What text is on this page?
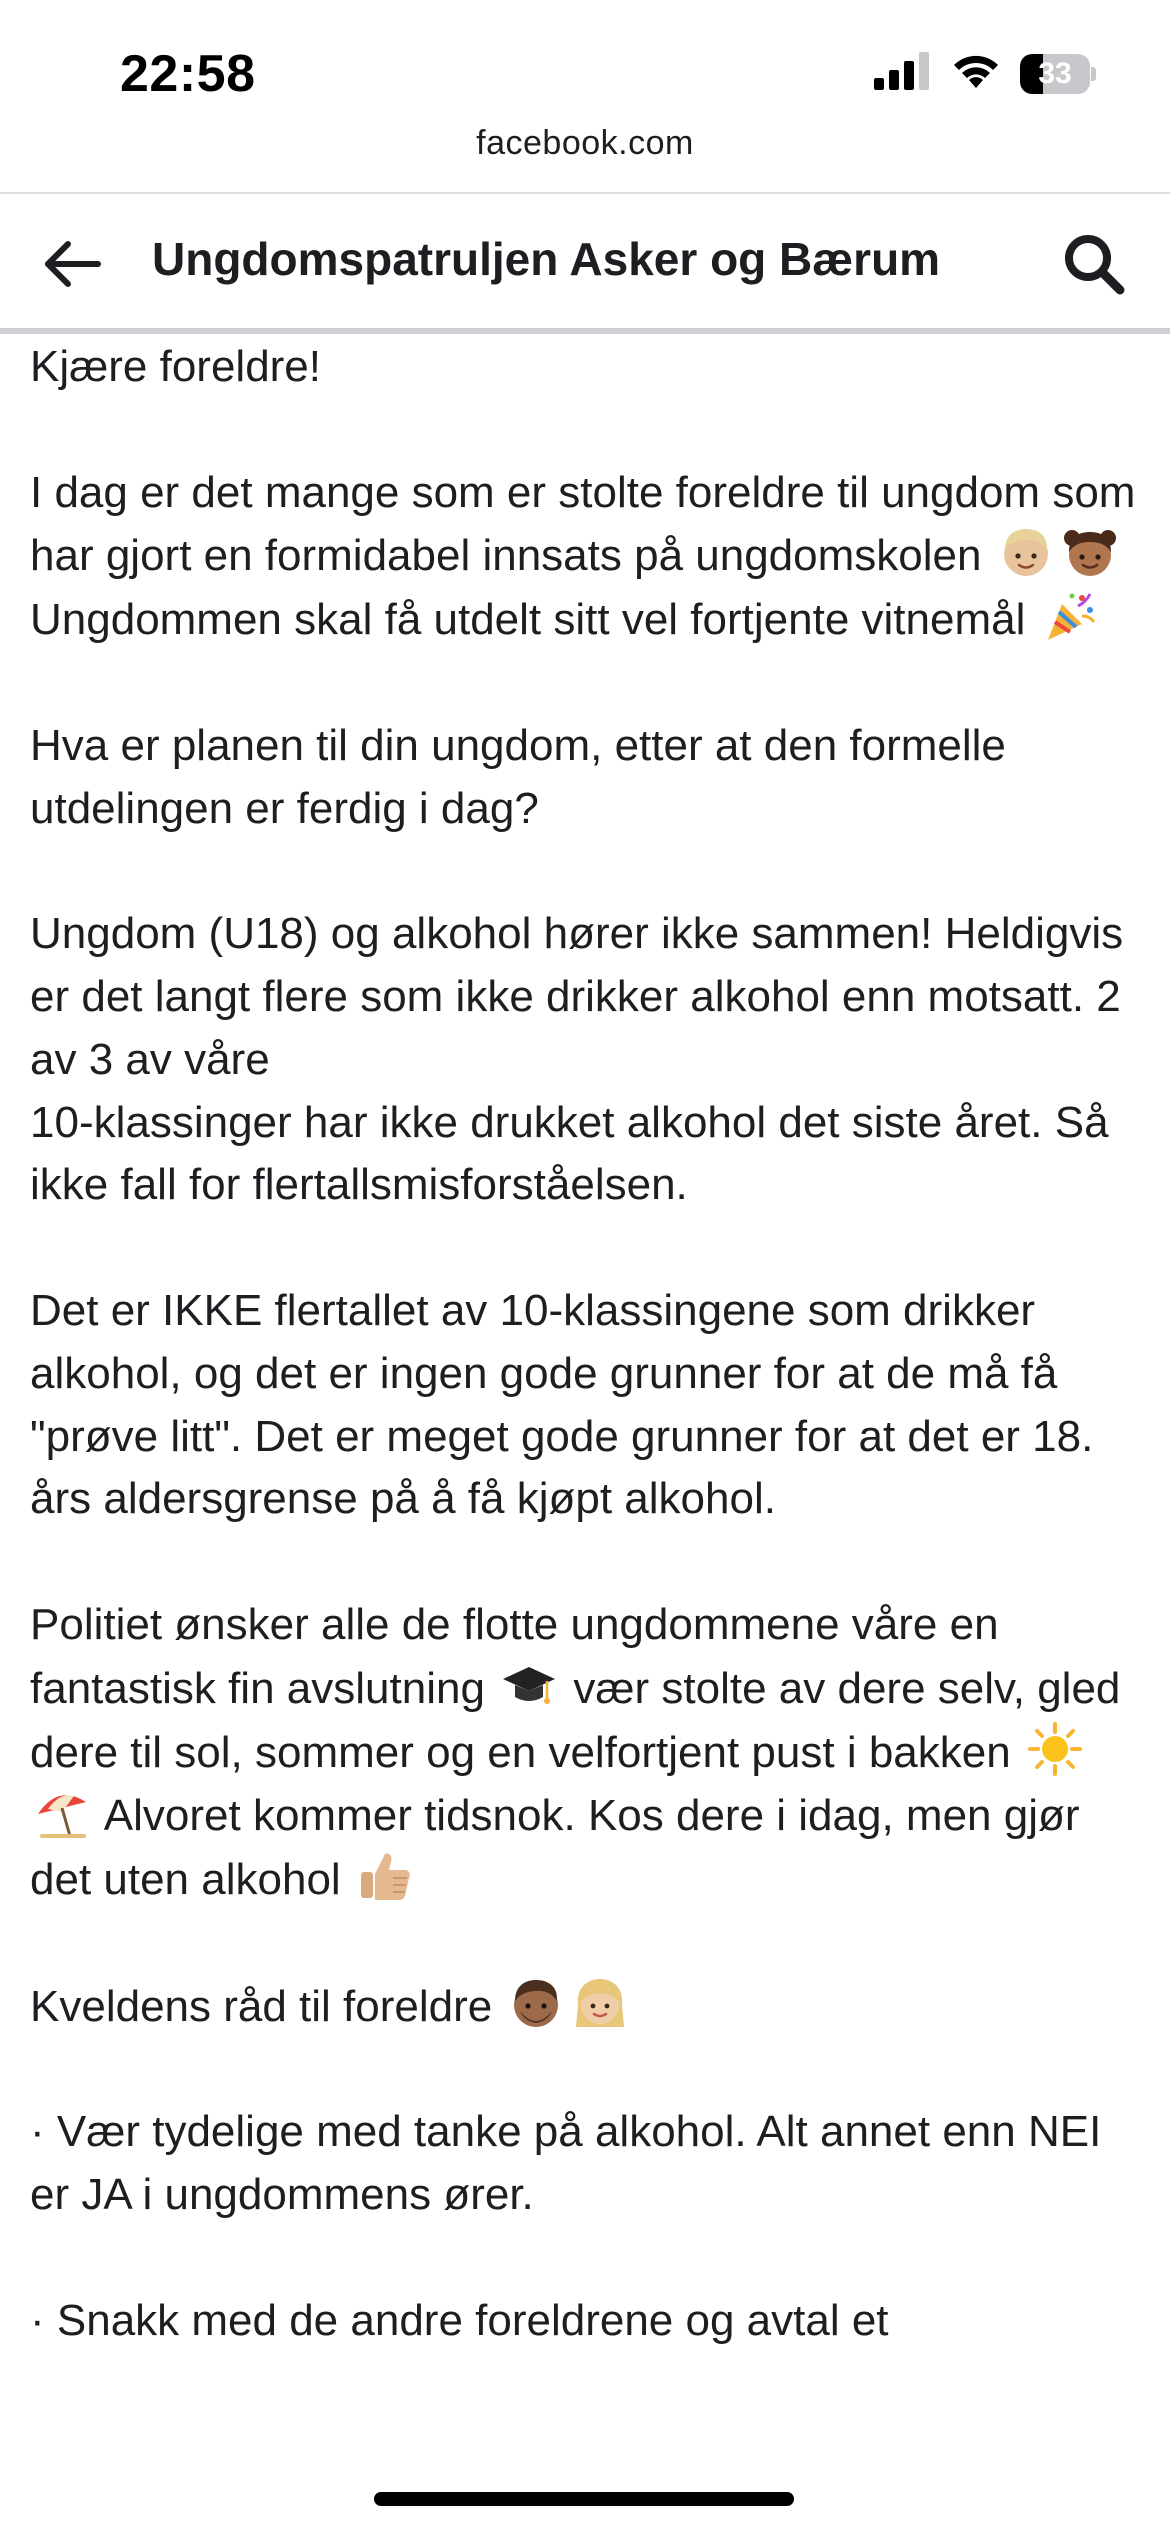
22:58	33
facebook.com
Ungdomspatruljen Asker og Bærum

Kjære foreldre!

I dag er det mange som er stolte foreldre til ungdom som har gjort en formidabel innsats på ungdomskolen
Ungdommen skal få utdelt sitt vel fortjente vitnemål

Hva er planen til din ungdom, etter at den formelle utdelingen er ferdig i dag?

Ungdom (U18) og alkohol hører ikke sammen! Heldigvis er det langt flere som ikke drikker alkohol enn motsatt. 2 av 3 av våre
10-klassinger har ikke drukket alkohol det siste året. Så ikke fall for flertallsmisforståelsen.

Det er IKKE flertallet av 10-klassingene som drikker alkohol, og det er ingen gode grunner for at de må få "prøve litt". Det er meget gode grunner for at det er 18. års aldersgrense på å få kjøpt alkohol.

Politiet ønsker alle de flotte ungdommene våre en fantastisk fin avslutning vær stolte av dere selv, gled dere til sol, sommer og en velfortjent pust i bakken
Alvoret kommer tidsnok. Kos dere i idag, men gjør det uten alkohol

Kveldens råd til foreldre

· Vær tydelige med tanke på alkohol. Alt annet enn NEI er JA i ungdommens ører.

· Snakk med de andre foreldrene og avtal et
